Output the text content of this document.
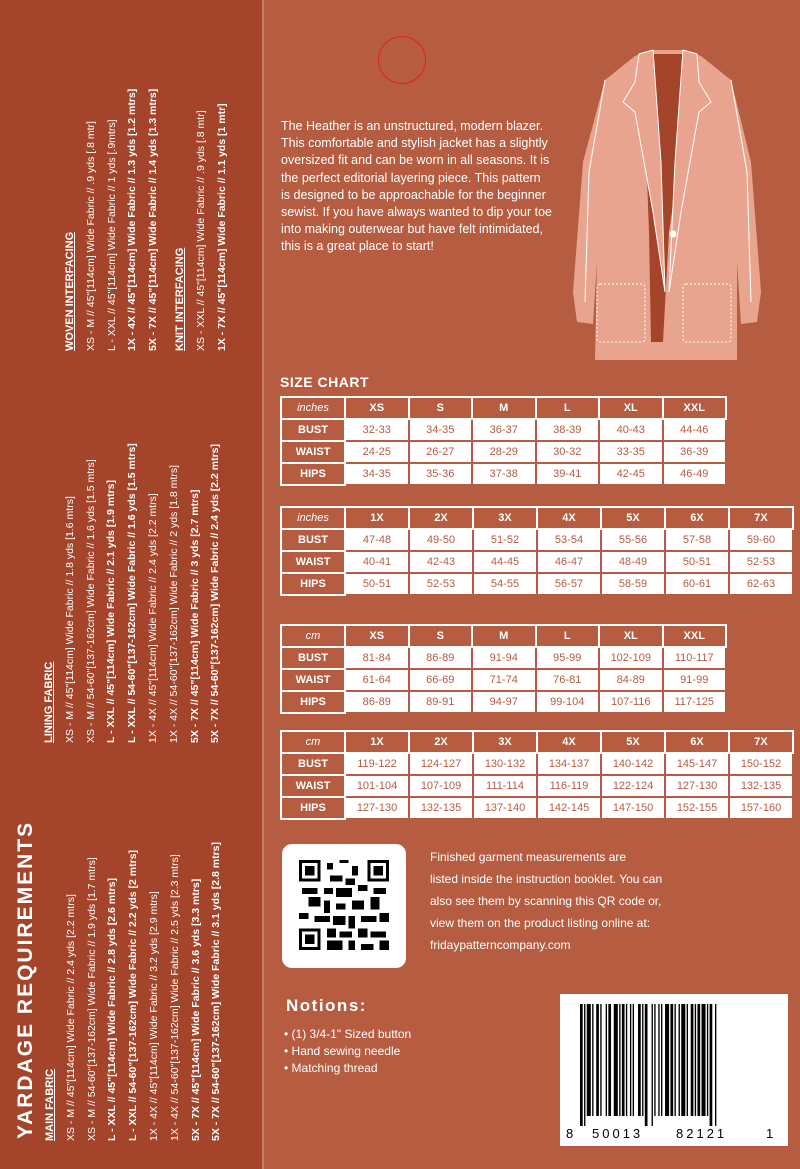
YARDAGE REQUIREMENTS MAIN FABRIC XS - M // 45"[114cm] Wide Fabric // 2.4 yds [2.2 mtrs] XS - M // 54-60"[137-162cm] Wide Fabric // 1.9 yds [1.7 mtrs] L - XXL // 45"[114cm] Wide Fabric // 2.8 yds [2.6 mtrs] L - XXL // 54-60"[137-162cm] Wide Fabric // 2.2 yds [2 mtrs] 1X - 4X // 45"[114cm] Wide Fabric // 3.2 yds [2.9 mtrs] 1X - 4X // 54-60"[137-162cm] Wide Fabric // 2.5 yds [2.3 mtrs] 5X - 7X // 45"[114cm] Wide Fabric // 3.6 yds [3.3 mtrs] 5X - 7X // 54-60"[137-162cm] Wide Fabric // 3.1 yds [2.8 mtrs]
LINING FABRIC XS - M // 45"[114cm] Wide Fabric // 1.8 yds [1.6 mtrs] XS - M // 54-60"[137-162cm] Wide Fabric // 1.6 yds [1.5 mtrs] L - XXL // 45"[114cm] Wide Fabric // 2.1 yds [1.9 mtrs] L - XXL // 54-60"[137-162cm] Wide Fabric // 1.6 yds [1.5 mtrs] 1X - 4X // 45"[114cm] Wide Fabric // 2.4 yds [2.2 mtrs] 1X - 4X // 54-60"[137-162cm] Wide Fabric // 2 yds [1.8 mtrs] 5X - 7X // 45"[114cm] Wide Fabric // 3 yds [2.7 mtrs] 5X - 7X // 54-60"[137-162cm] Wide Fabric // 2.4 yds [2.2 mtrs]
WOVEN INTERFACING XS - M // 45"[114cm] Wide Fabric // .9 yds [.8 mtr] L - XXL // 45"[114cm] Wide Fabric // 1 yds [.9mtrs] 1X - 4X // 45"[114cm] Wide Fabric // 1.3 yds [1.2 mtrs] 5X - 7X // 45"[114cm] Wide Fabric // 1.4 yds [1.3 mtrs]	KNIT INTERFACING XS - XXL // 45"[114cm] Wide Fabric // .9 yds [.8 mtr] 1X - 7X // 45"[114cm] Wide Fabric // 1.1 yds [1 mtr]	The Heather is an unstructured, modern blazer. This comfortable and stylish jacket has a slightly oversized fit and can be worn in all seasons. It is the perfect editorial layering piece. This pattern is designed to be approachable for the beginner sewist. If you have always wanted to dip your toe into making outerwear but have felt intimidated, this is a great place to start!
SIZE CHART
inches	XS	S	M	L	XL	XXL
BUST	32-33	34-35	36-37	38-39	40-43	44-46
WAIST	24-25	26-27	28-29	30-32	33-35	36-39
HIPS	34-35	35-36	37-38	39-41	42-45	46-49
inches	1X	2X	3X	4X	5X	6X	7X
BUST	47-48	49-50	51-52	53-54	55-56	57-58	59-60
WAIST	40-41	42-43	44-45	46-47	48-49	50-51	52-53
HIPS	50-51	52-53	54-55	56-57	58-59	60-61	62-63
cm	XS	S	M	L	XL	XXL
BUST	81-84	86-89	91-94	95-99	102-109	110-117
WAIST	61-64	66-69	71-74	76-81	84-89	91-99
HIPS	86-89	89-91	94-97	99-104	107-116	117-125
cm	1X	2X	3X	4X	5X	6X	7X
BUST	119-122	124-127	130-132	134-137	140-142	145-147	150-152
WAIST	101-104	107-109	111-114	116-119	122-124	127-130	132-135
HIPS	127-130	132-135	137-140	142-145	147-150	152-155	157-160
Finished garment measurements are
listed inside the instruction booklet. You can
also see them by scanning this QR code or,
view them on the product listing online at:
fridaypatterncompany.com
Notions:
• (1) 3/4-1" Sized button
• Hand sewing needle
• Matching thread
8 50013	82121	1
